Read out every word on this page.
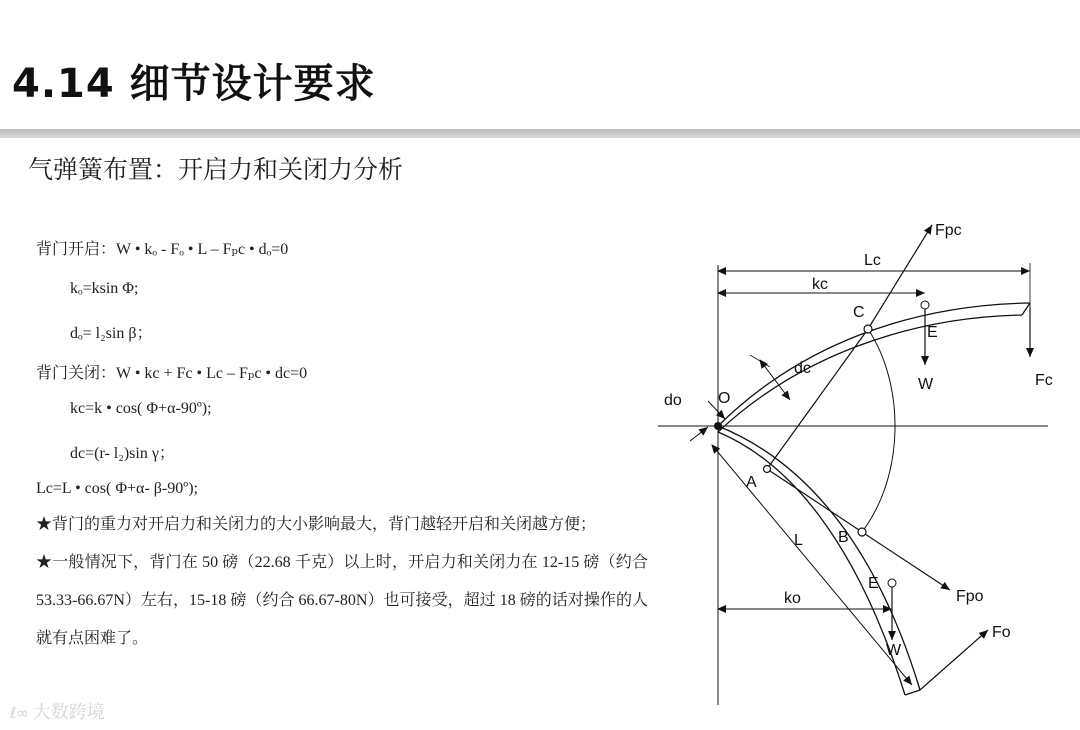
4.14 细节设计要求
气弹簧布置：开启力和关闭力分析
背门开启：W • kₒ - Fₒ • L – Fₚc • dₒ=0
kₒ=ksin Φ;
dₒ= l₂sin β；
背门关闭：W • kc + Fc • Lc – Fₚc • dc=0
kc=k • cos( Φ+α-90º);
dc=(r- l₂)sin γ；
Lc=L • cos( Φ+α- β-90º);
★背门的重力对开启力和关闭力的大小影响最大，背门越轻开启和关闭越方便；
★一般情况下，背门在 50 磅（22.68 千克）以上时，开启力和关闭力在 12-15 磅（约合 53.33-66.67N）左右，15-18 磅（约合 66.67-80N）也可接受，超过 18 磅的话对操作的人就有点困难了。
Fpc
Lc
kc
C
E
Fc
W
dc
do O
A
B
L
E
Fpo
ko
Fo
W
ℓ∞ 大数跨境
